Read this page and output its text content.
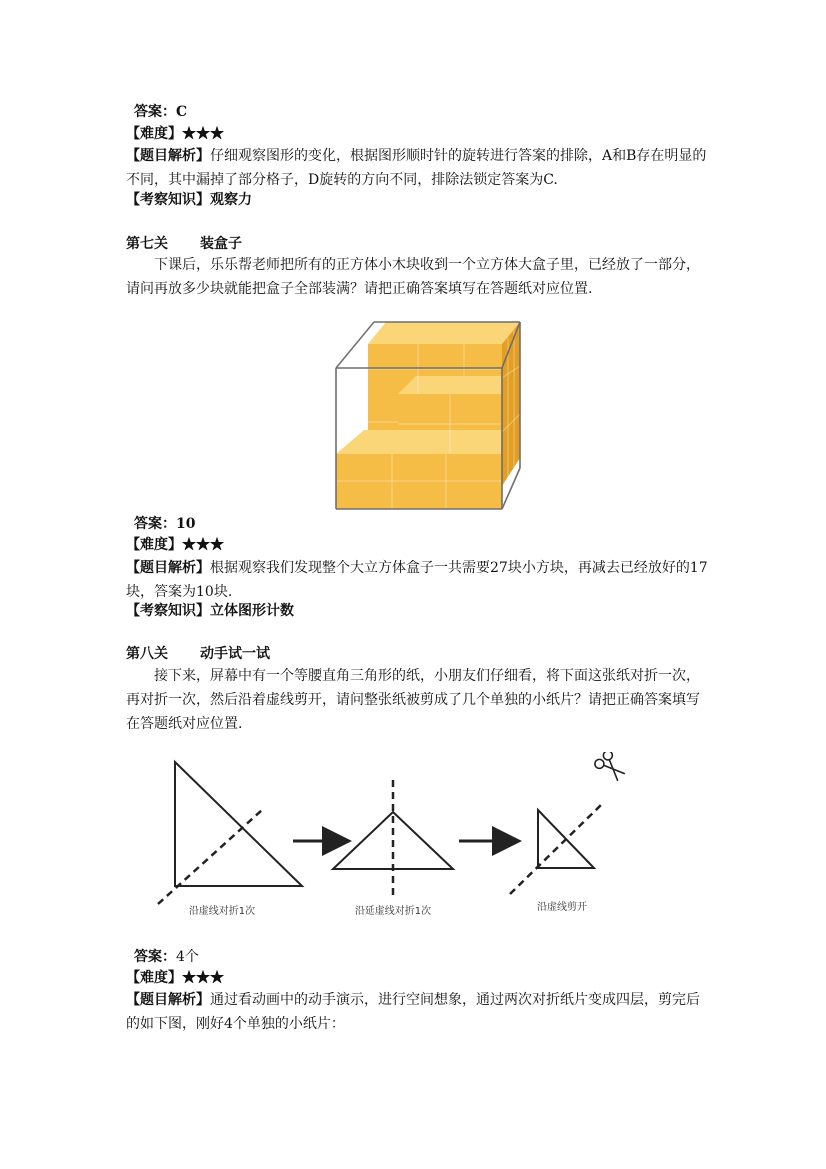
答案：C
【难度】★★★
【题目解析】仔细观察图形的变化，根据图形顺时针的旋转进行答案的排除，A和B存在明显的不同，其中漏掉了部分格子，D旋转的方向不同，排除法锁定答案为C.
【考察知识】观察力
第七关 装盒子
下课后，乐乐帮老师把所有的正方体小木块收到一个立方体大盒子里，已经放了一部分，请问再放多少块就能把盒子全部装满？请把正确答案填写在答题纸对应位置.
答案：10
【难度】★★★
【题目解析】根据观察我们发现整个大立方体盒子一共需要27块小方块，再减去已经放好的17块，答案为10块.
【考察知识】立体图形计数
第八关 动手试一试
接下来，屏幕中有一个等腰直角三角形的纸，小朋友们仔细看，将下面这张纸对折一次，再对折一次，然后沿着虚线剪开，请问整张纸被剪成了几个单独的小纸片？请把正确答案填写在答题纸对应位置.
沿虚线对折1次	沿延虚线对折1次	沿虚线剪开
答案：4个
【难度】★★★
【题目解析】通过看动画中的动手演示，进行空间想象，通过两次对折纸片变成四层，剪完后的如下图，刚好4个单独的小纸片：
